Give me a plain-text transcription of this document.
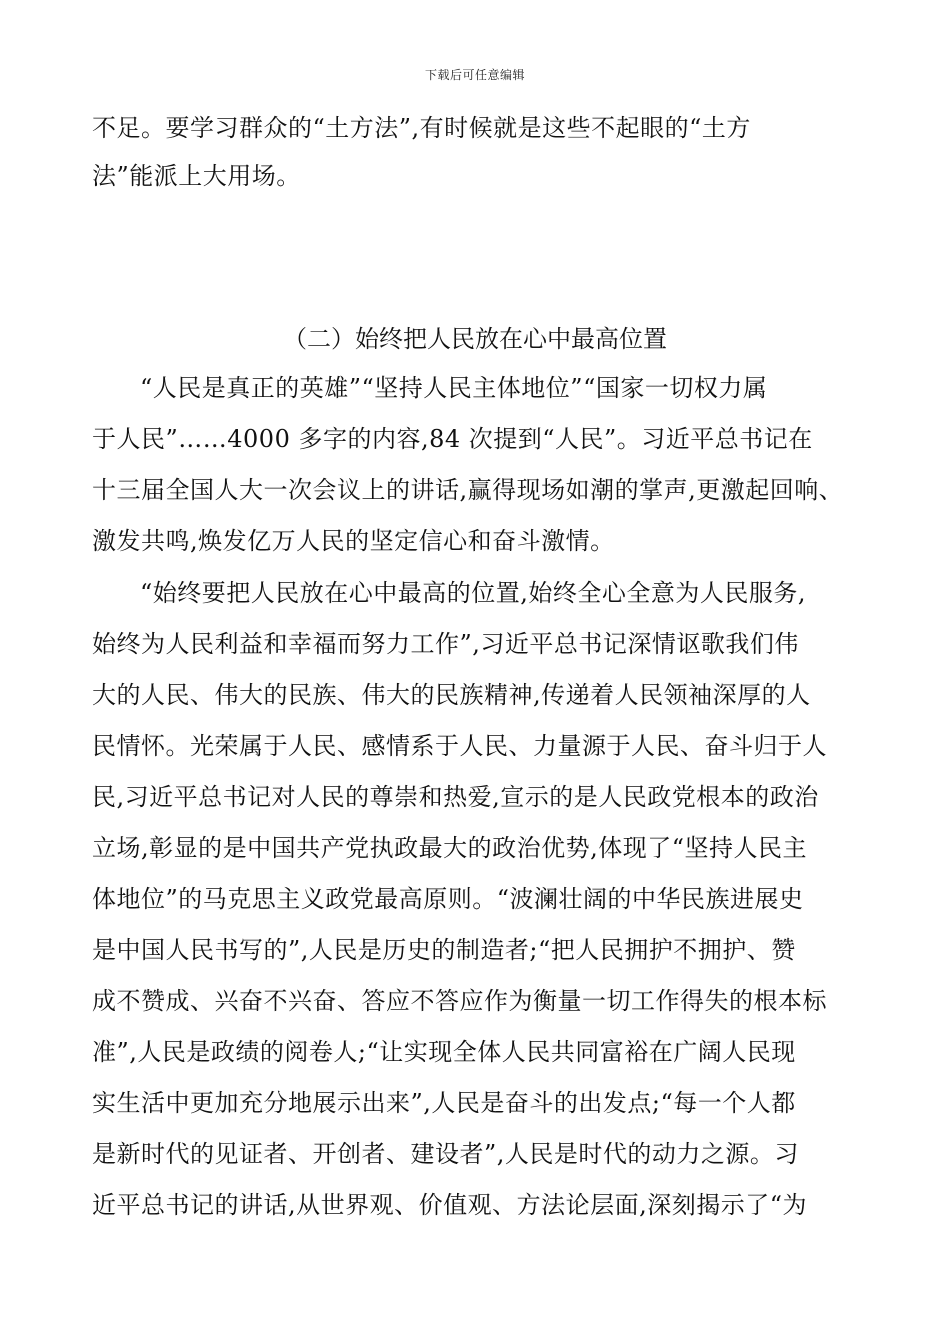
下载后可任意编辑
不足。要学习群众的“土方法”,有时候就是这些不起眼的“土方
法”能派上大用场。
（二）始终把人民放在心中最高位置
“人民是真正的英雄”“坚持人民主体地位”“国家一切权力属
于人民”……4000 多字的内容,84 次提到“人民”。习近平总书记在
十三届全国人大一次会议上的讲话,赢得现场如潮的掌声,更激起回响、
激发共鸣,焕发亿万人民的坚定信心和奋斗激情。
“始终要把人民放在心中最高的位置,始终全心全意为人民服务,
始终为人民利益和幸福而努力工作”,习近平总书记深情讴歌我们伟
大的人民、伟大的民族、伟大的民族精神,传递着人民领袖深厚的人
民情怀。光荣属于人民、感情系于人民、力量源于人民、奋斗归于人
民,习近平总书记对人民的尊崇和热爱,宣示的是人民政党根本的政治
立场,彰显的是中国共产党执政最大的政治优势,体现了“坚持人民主
体地位”的马克思主义政党最高原则。“波澜壮阔的中华民族进展史
是中国人民书写的”,人民是历史的制造者;“把人民拥护不拥护、赞
成不赞成、兴奋不兴奋、答应不答应作为衡量一切工作得失的根本标
准”,人民是政绩的阅卷人;“让实现全体人民共同富裕在广阔人民现
实生活中更加充分地展示出来”,人民是奋斗的出发点;“每一个人都
是新时代的见证者、开创者、建设者”,人民是时代的动力之源。习
近平总书记的讲话,从世界观、价值观、方法论层面,深刻揭示了“为
